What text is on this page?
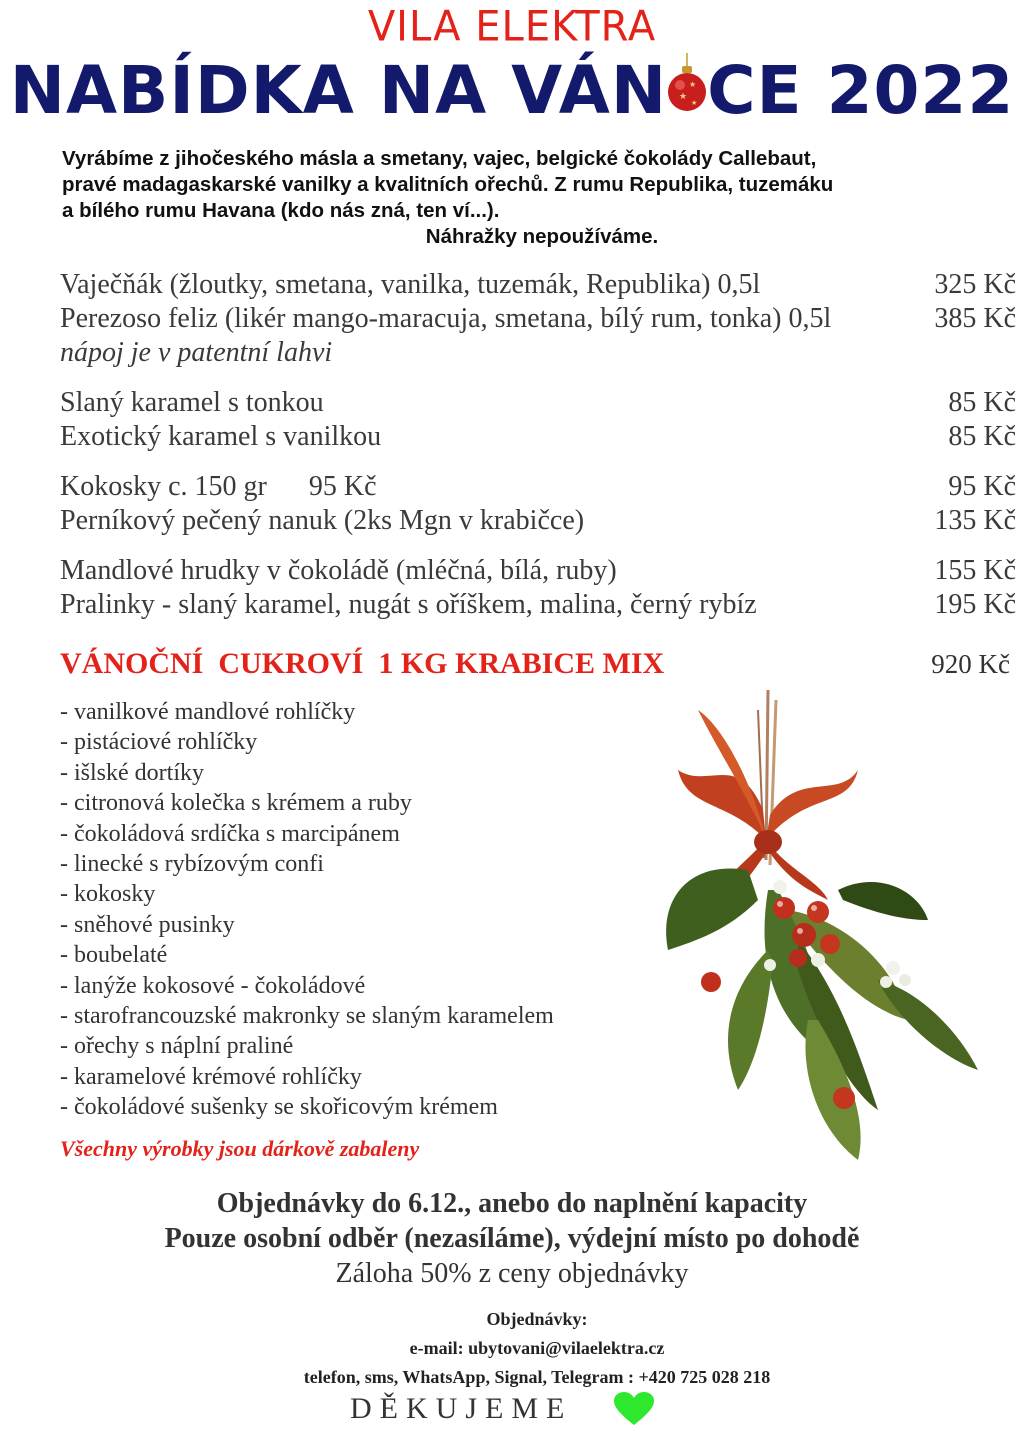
VILA ELEKTRA
NABÍDKA NA VÁN ★
★
★ CE 2022
Vyrábíme z jihočeského másla a smetany, vajec, belgické čokolády Callebaut,
pravé madagaskarské vanilky a kvalitních ořechů. Z rumu Republika, tuzemáku
a bílého rumu Havana (kdo nás zná, ten ví...).
Náhražky nepoužíváme.
Vaječňák (žloutky, smetana, vanilka, tuzemák, Republika) 0,5l	325 Kč
Perezoso feliz (likér mango-maracuja, smetana, bílý rum, tonka) 0,5l	385 Kč
nápoj je v patentní lahvi
Slaný karamel s tonkou	85 Kč
Exotický karamel s vanilkou	85 Kč
Kokosky c. 150 gr      95 Kč	95 Kč
Perníkový pečený nanuk (2ks Mgn v krabičce)	135 Kč
Mandlové hrudky v čokoládě (mléčná, bílá, ruby)	155 Kč
Pralinky - slaný karamel, nugát s oříškem, malina, černý rybíz	195 Kč
VÁNOČNÍ  CUKROVÍ  1 KG KRABICE MIX	920 Kč
- vanilkové mandlové rohlíčky
- pistáciové rohlíčky
- išlské dortíky
- citronová kolečka s krémem a ruby
- čokoládová srdíčka s marcipánem
- linecké s rybízovým confi
- kokosky
- sněhové pusinky
- boubelaté
- lanýže kokosové - čokoládové
- starofrancouzské makronky se slaným karamelem
- ořechy s náplní praliné
- karamelové krémové rohlíčky
- čokoládové sušenky se skořicovým krémem
Všechny výrobky jsou dárkově zabaleny
Objednávky do 6.12., anebo do naplnění kapacity
Pouze osobní odběr (nezasíláme), výdejní místo po dohodě
Záloha 50% z ceny objednávky
Objednávky:
e-mail: ubytovani@vilaelektra.cz
telefon, sms, WhatsApp, Signal, Telegram : +420 725 028 218
DĚKUJEME
